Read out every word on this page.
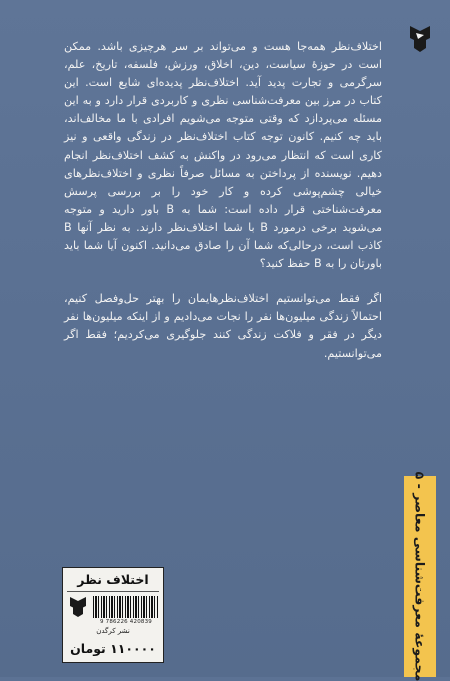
اختلاف‌نظر همه‌جا هست و می‌تواند بر سر هرچیزی باشد. ممکن است در حوزهٔ سیاست، دین، اخلاق، ورزش، فلسفه، تاریخ، علم، سرگرمی و تجارت پدید آید. اختلاف‌نظر پدیده‌ای شایع است. این کتاب در مرز بین معرفت‌شناسی نظری و کاربردی قرار دارد و به این مسئله می‌پردازد که وقتی متوجه می‌شویم افرادی با ما مخالف‌اند، باید چه کنیم. کانون توجه کتاب اختلاف‌نظر در زندگی واقعی و نیز کاری است که انتظار می‌رود در واکنش به کشف اختلاف‌نظر انجام دهیم. نویسنده از پرداختن به مسائل صرفاً نظری و اختلاف‌نظرهای خیالی چشم‌پوشی کرده و کار خود را بر بررسی پرسش معرفت‌شناختی قرار داده است: شما به B باور دارید و متوجه می‌شوید برخی درمورد B با شما اختلاف‌نظر دارند. به نظر آنها B کاذب است، درحالی‌که شما آن را صادق می‌دانید. اکنون آیا شما باید باورتان را به B حفظ کنید؟

اگر فقط می‌توانستیم اختلاف‌نظرهایمان را بهتر حل‌وفصل کنیم، احتمالاً زندگی میلیون‌ها نفر را نجات می‌دادیم و از اینکه میلیون‌ها نفر دیگر در فقر و فلاکت زندگی کنند جلوگیری می‌کردیم؛ فقط اگر می‌توانستیم.

مجموعهٔ معرفت‌شناسی معاصر - ۵
اختلاف نظر
9 786226 420839
نشر کرگدن
۱۱۰۰۰۰ تومان
